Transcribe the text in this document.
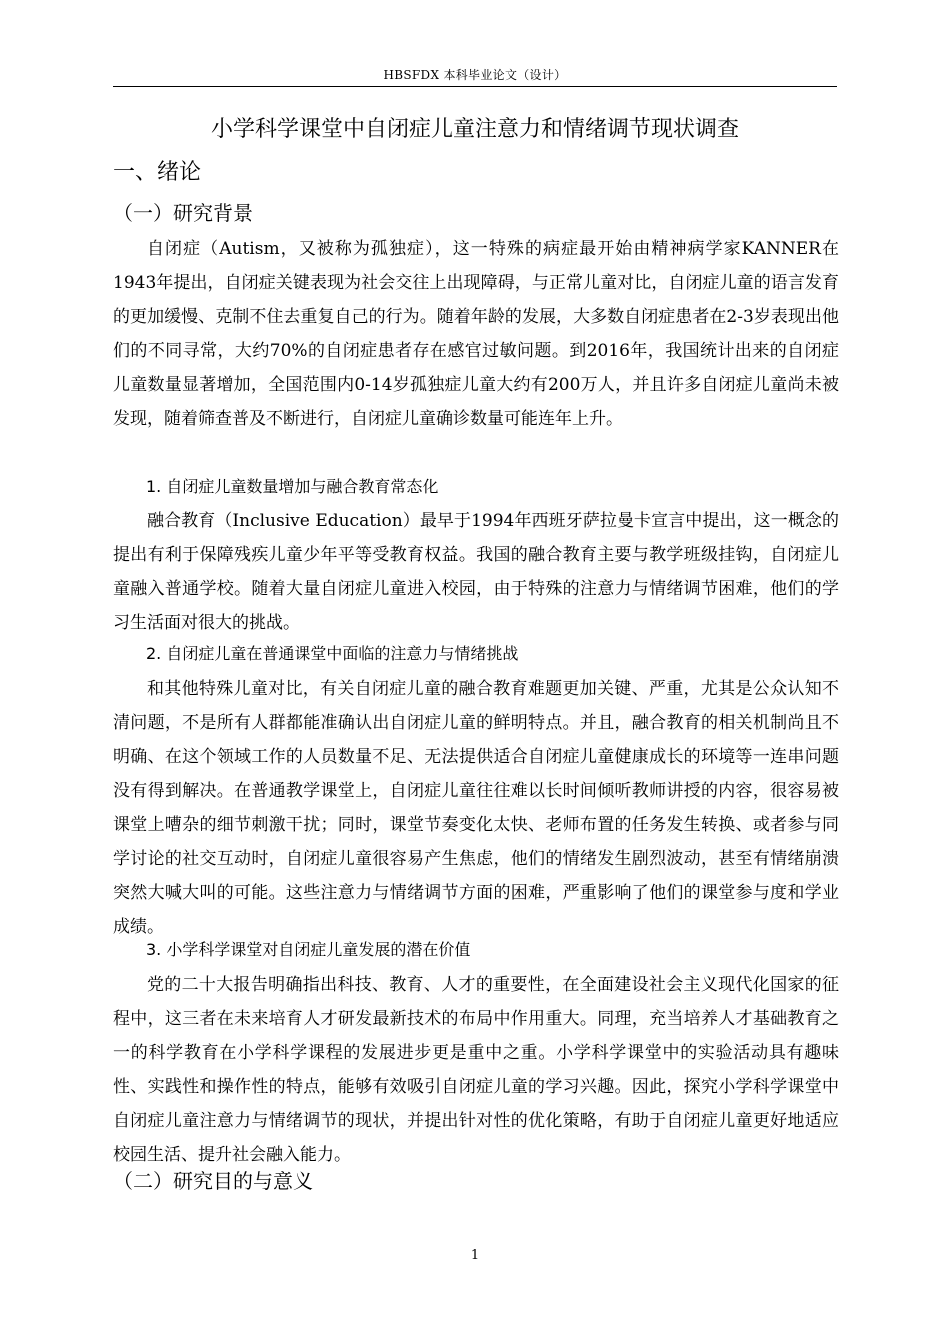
HBSFDX 本科毕业论文（设计）
小学科学课堂中自闭症儿童注意力和情绪调节现状调查
一、绪论
（一）研究背景

自闭症（Autism，又被称为孤独症），这一特殊的病症最开始由精神病学家KANNER在1943年提出，自闭症关键表现为社会交往上出现障碍，与正常儿童对比，自闭症儿童的语言发育的更加缓慢、克制不住去重复自己的行为。随着年龄的发展，大多数自闭症患者在2-3岁表现出他们的不同寻常，大约70%的自闭症患者存在感官过敏问题。到2016年，我国统计出来的自闭症儿童数量显著增加，全国范围内0-14岁孤独症儿童大约有200万人，并且许多自闭症儿童尚未被发现，随着筛查普及不断进行，自闭症儿童确诊数量可能连年上升。

1. 自闭症儿童数量增加与融合教育常态化

融合教育（Inclusive Education）最早于1994年西班牙萨拉曼卡宣言中提出，这一概念的提出有利于保障残疾儿童少年平等受教育权益。我国的融合教育主要与教学班级挂钩，自闭症儿童融入普通学校。随着大量自闭症儿童进入校园，由于特殊的注意力与情绪调节困难，他们的学习生活面对很大的挑战。

2. 自闭症儿童在普通课堂中面临的注意力与情绪挑战

和其他特殊儿童对比，有关自闭症儿童的融合教育难题更加关键、严重，尤其是公众认知不清问题，不是所有人群都能准确认出自闭症儿童的鲜明特点。并且，融合教育的相关机制尚且不明确、在这个领域工作的人员数量不足、无法提供适合自闭症儿童健康成长的环境等一连串问题没有得到解决。在普通教学课堂上，自闭症儿童往往难以长时间倾听教师讲授的内容，很容易被课堂上嘈杂的细节刺激干扰；同时，课堂节奏变化太快、老师布置的任务发生转换、或者参与同学讨论的社交互动时，自闭症儿童很容易产生焦虑，他们的情绪发生剧烈波动，甚至有情绪崩溃突然大喊大叫的可能。这些注意力与情绪调节方面的困难，严重影响了他们的课堂参与度和学业成绩。

3. 小学科学课堂对自闭症儿童发展的潜在价值

党的二十大报告明确指出科技、教育、人才的重要性，在全面建设社会主义现代化国家的征程中，这三者在未来培育人才研发最新技术的布局中作用重大。同理，充当培养人才基础教育之一的科学教育在小学科学课程的发展进步更是重中之重。小学科学课堂中的实验活动具有趣味性、实践性和操作性的特点，能够有效吸引自闭症儿童的学习兴趣。因此，探究小学科学课堂中自闭症儿童注意力与情绪调节的现状，并提出针对性的优化策略，有助于自闭症儿童更好地适应校园生活、提升社会融入能力。

（二）研究目的与意义
1
